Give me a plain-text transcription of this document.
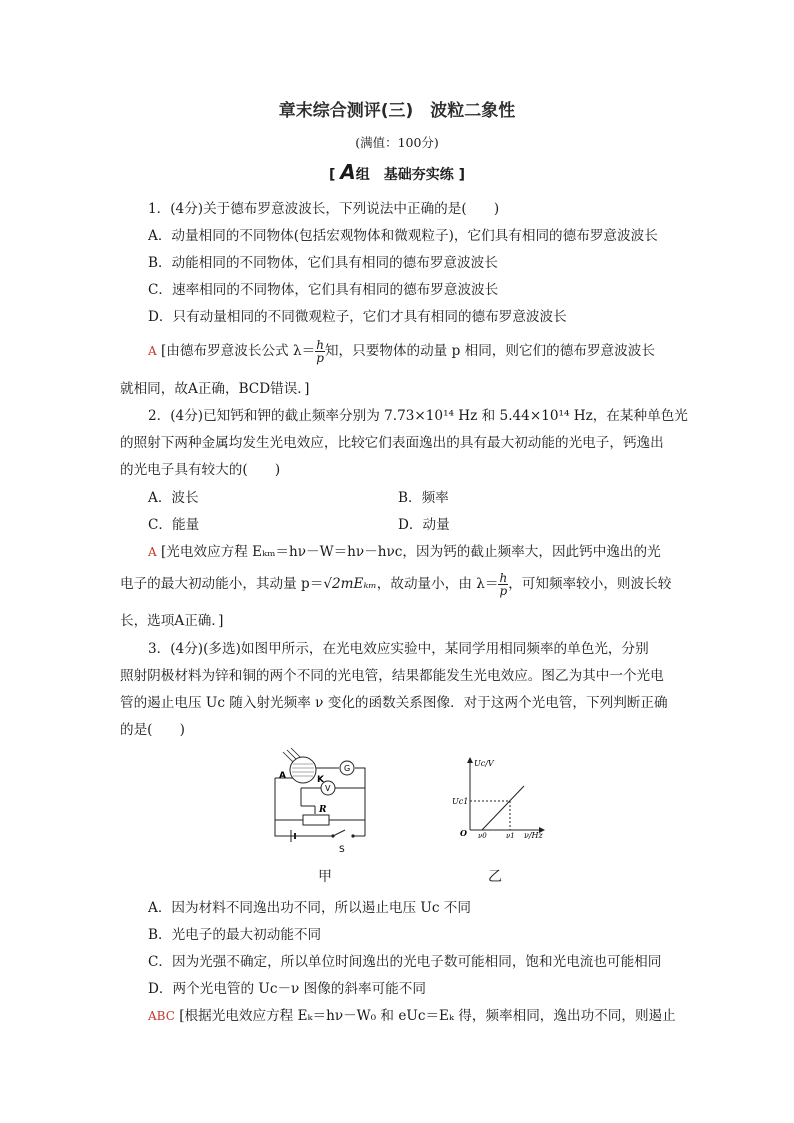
章末综合测评(三)　波粒二象性
(满值：100分)
[ A组　基础夯实练 ]
1．(4分)关于德布罗意波波长，下列说法中正确的是(　　)
A．动量相同的不同物体(包括宏观物体和微观粒子)，它们具有相同的德布罗意波波长
B．动能相同的不同物体，它们具有相同的德布罗意波波长
C．速率相同的不同物体，它们具有相同的德布罗意波波长
D．只有动量相同的不同微观粒子，它们才具有相同的德布罗意波波长
A [由德布罗意波长公式 $\lambda= \frac{h}{p}$ 知，只要物体的动量 p 相同，则它们的德布罗意波波长
就相同，故A正确，BCD错误．]
2．(4分)已知钙和钾的截止频率分别为 7.73×10¹⁴ Hz 和 5.44×10¹⁴ Hz，在某种单色光
的照射下两种金属均发生光电效应，比较它们表面逸出的具有最大初动能的光电子，钙逸出
的光电子具有较大的(　　)
A．波长	B．频率
C．能量	D．动量
A [光电效应方程 Eₖₘ＝hν－W＝hν－hνc，因为钙的截止频率大，因此钙中逸出的光
电子的最大初动能小，其动量 p＝√2mEₖₘ，故动量小，由 $\lambda= \frac{h}{p}$ ，可知频率较小，则波长较
长，选项A正确．]
3．(4分)(多选)如图甲所示，在光电效应实验中，某同学用相同频率的单色光，分别
照射阴极材料为锌和铜的两个不同的光电管，结果都能发生光电效应。图乙为其中一个光电
管的遏止电压 Uc 随入射光频率 ν 变化的函数关系图像．对于这两个光电管，下列判断正确
的是(　　)
A	K
G
V
R
S
甲
Uc/V
Uc1
O ν0	ν1 ν/Hz
乙
A．因为材料不同逸出功不同，所以遏止电压 Uc 不同
B．光电子的最大初动能不同
C．因为光强不确定，所以单位时间逸出的光电子数可能相同，饱和光电流也可能相同
D．两个光电管的 Uc－ν 图像的斜率可能不同
ABC [根据光电效应方程 Eₖ＝hν－W₀ 和 eUc＝Eₖ 得，频率相同，逸出功不同，则遏止
